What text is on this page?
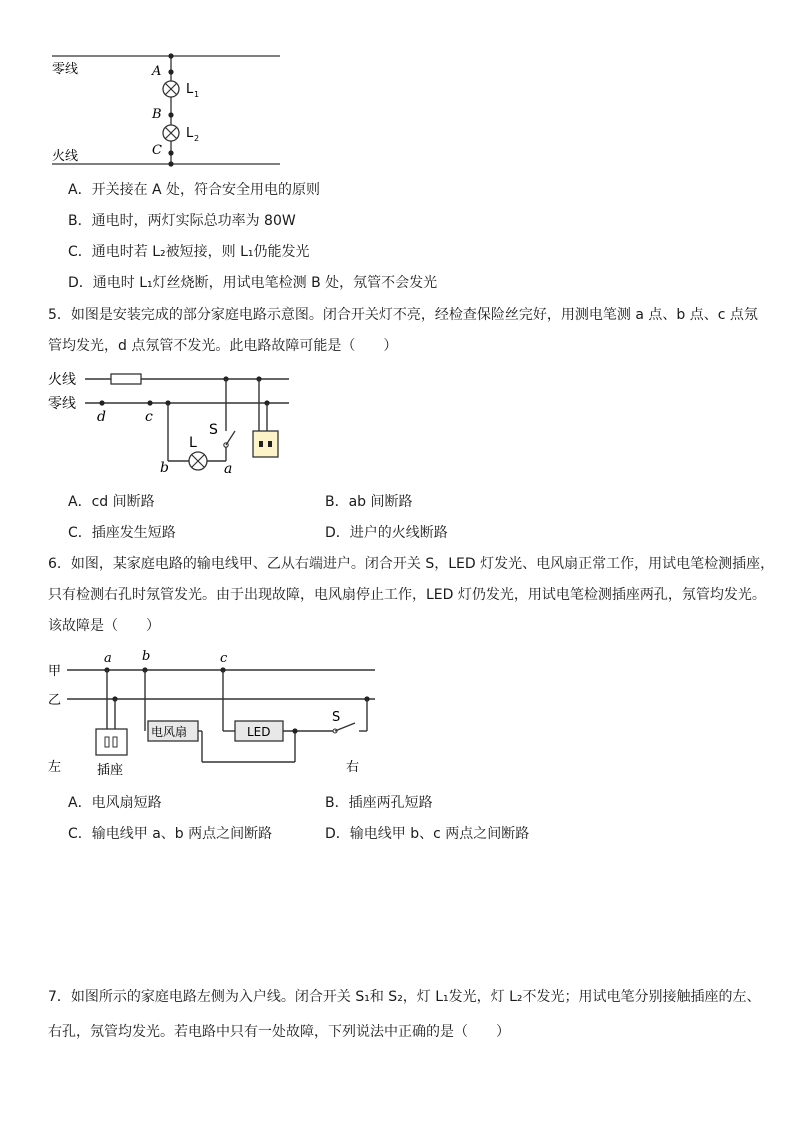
零线
火线
A
B
C
L 1
L 2
A．开关接在 A 处，符合安全用电的原则
B．通电时，两灯实际总功率为 80W
C．通电时若 L₂被短接，则 L₁仍能发光
D．通电时 L₁灯丝烧断，用试电笔检测 B 处，氖管不会发光
5．如图是安装完成的部分家庭电路示意图。闭合开关灯不亮，经检查保险丝完好，用测电笔测 a 点、b 点、c 点氖
管均发光，d 点氖管不发光。此电路故障可能是（　　）
火线
零线
d	c
b	a
L
S
A．cd 间断路	B．ab 间断路
C．插座发生短路	D．进户的火线断路
6．如图，某家庭电路的输电线甲、乙从右端进户。闭合开关 S，LED 灯发光、电风扇正常工作，用试电笔检测插座，
只有检测右孔时氖管发光。由于出现故障，电风扇停止工作，LED 灯仍发光，用试电笔检测插座两孔，氖管均发光。
该故障是（　　）
甲
乙
a b	c
电风扇	LED
S
左	插座	右
A．电风扇短路	B．插座两孔短路
C．输电线甲 a、b 两点之间断路	D．输电线甲 b、c 两点之间断路
7．如图所示的家庭电路左侧为入户线。闭合开关 S₁和 S₂，灯 L₁发光，灯 L₂不发光；用试电笔分别接触插座的左、
右孔，氖管均发光。若电路中只有一处故障，下列说法中正确的是（　　）
